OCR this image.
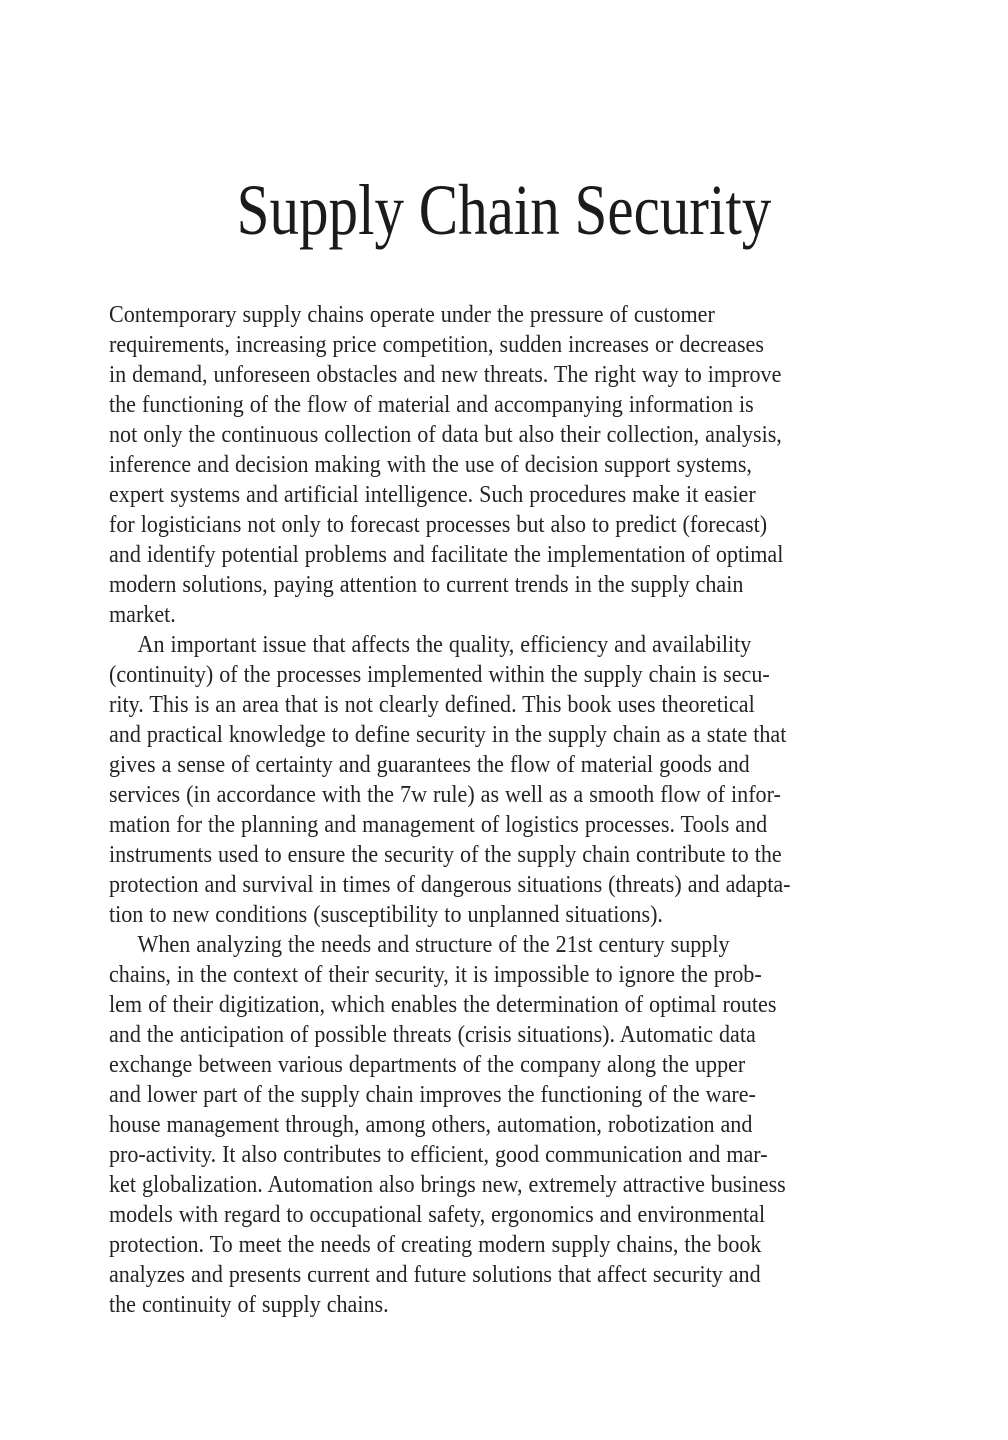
Supply Chain Security

Contemporary supply chains operate under the pressure of customer
requirements, increasing price competition, sudden increases or decreases
in demand, unforeseen obstacles and new threats. The right way to improve
the functioning of the flow of material and accompanying information is
not only the continuous collection of data but also their collection, analysis,
inference and decision making with the use of decision support systems,
expert systems and artificial intelligence. Such procedures make it easier
for logisticians not only to forecast processes but also to predict (forecast)
and identify potential problems and facilitate the implementation of optimal
modern solutions, paying attention to current trends in the supply chain
market.

An important issue that affects the quality, efficiency and availability
(continuity) of the processes implemented within the supply chain is secu-
rity. This is an area that is not clearly defined. This book uses theoretical
and practical knowledge to define security in the supply chain as a state that
gives a sense of certainty and guarantees the flow of material goods and
services (in accordance with the 7w rule) as well as a smooth flow of infor-
mation for the planning and management of logistics processes. Tools and
instruments used to ensure the security of the supply chain contribute to the
protection and survival in times of dangerous situations (threats) and adapta-
tion to new conditions (susceptibility to unplanned situations).

When analyzing the needs and structure of the 21st century supply
chains, in the context of their security, it is impossible to ignore the prob-
lem of their digitization, which enables the determination of optimal routes
and the anticipation of possible threats (crisis situations). Automatic data
exchange between various departments of the company along the upper
and lower part of the supply chain improves the functioning of the ware-
house management through, among others, automation, robotization and
pro-activity. It also contributes to efficient, good communication and mar-
ket globalization. Automation also brings new, extremely attractive business
models with regard to occupational safety, ergonomics and environmental
protection. To meet the needs of creating modern supply chains, the book
analyzes and presents current and future solutions that affect security and
the continuity of supply chains.
